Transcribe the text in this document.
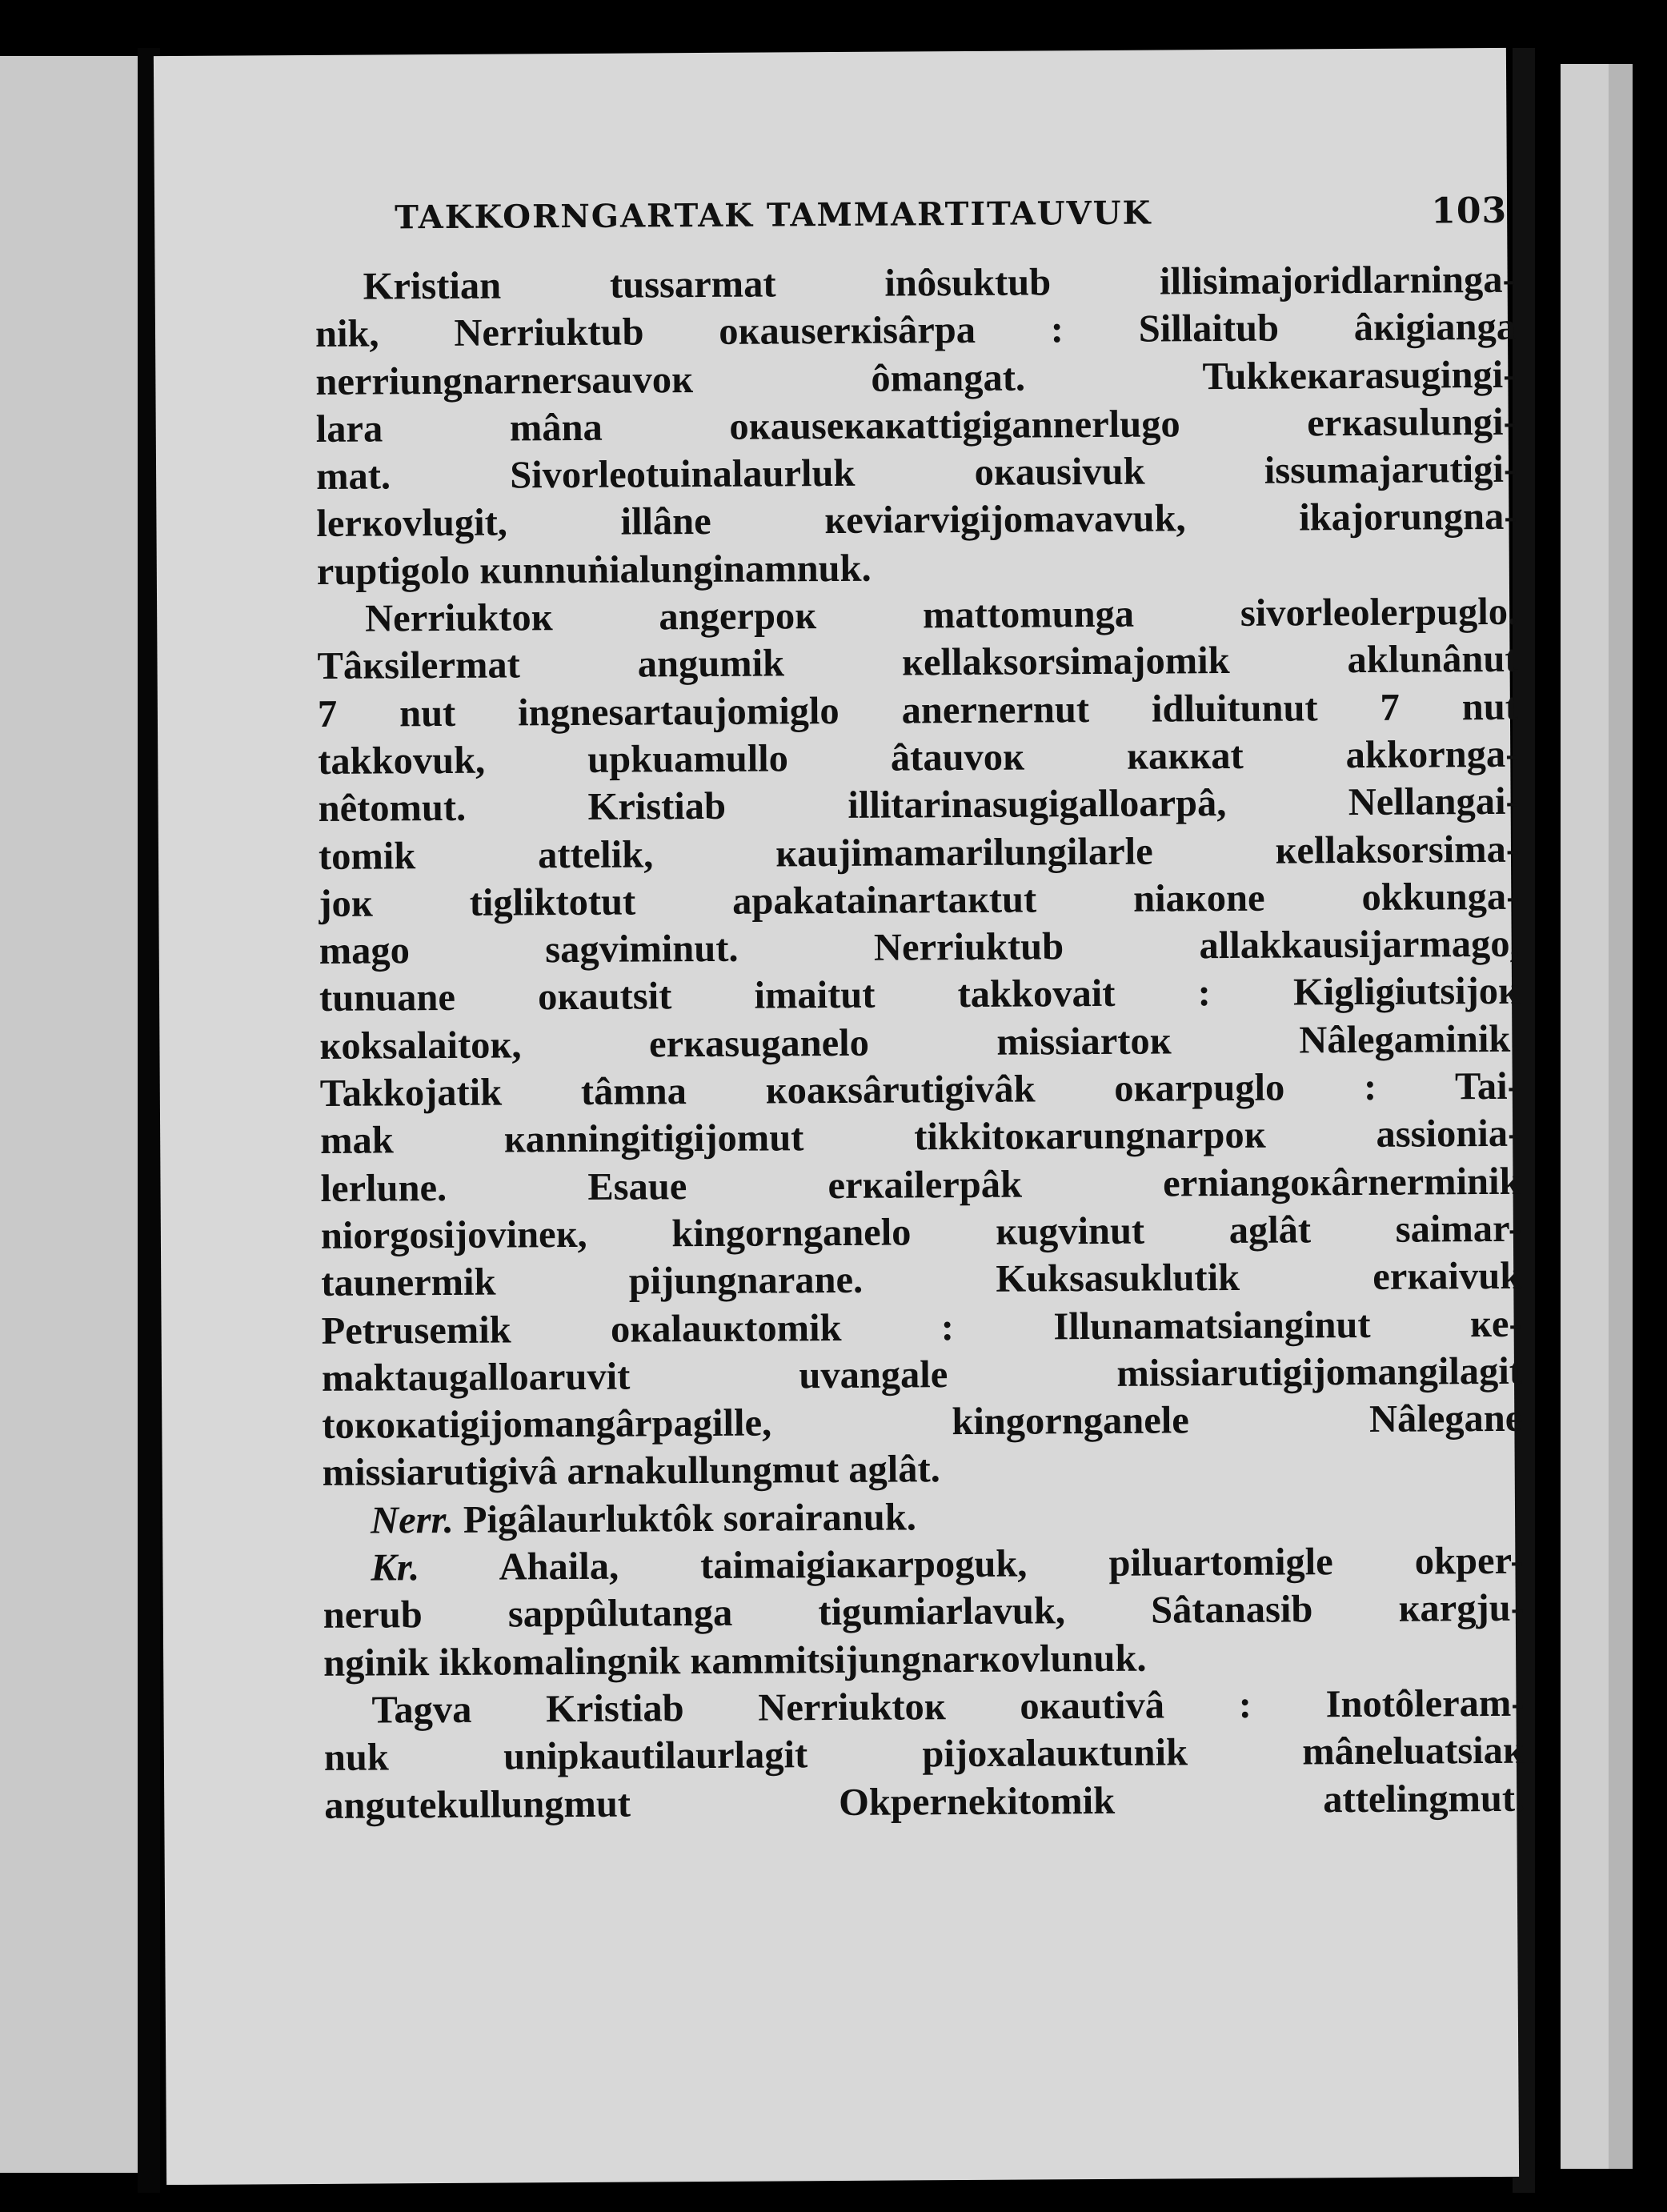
TAKKORNGARTAK TAMMARTITAUVUK	103
Kristian tussarmat inôsuktub illisimajoridlarninga-
nik, Nerriuktub oĸauserĸisârpa : Sillaitub âĸigianga
nerriungnarnersauvoĸ ômangat. Tukkeĸarasugingi-
lara mâna oĸauseĸaĸattigigannerlugo erĸasulungi-
mat. Sivorleotuinalaurluk oĸausivuk issumajarutigi-
lerĸovlugit, illâne ĸeviarvigijomavavuk, ikajorungna-
ruptigolo ĸunnuṅialunginamnuk.
Nerriuktoĸ angerpoĸ mattomunga sivorleolerpuglo.
Tâĸsilermat angumik ĸellaksorsimajomik aklunânut
7 nut ingnesartaujomiglo anernernut idluitunut 7 nut
takkovuk, upkuamullo âtauvoĸ ĸaĸĸat akkornga-
nêtomut. Kristiab illitarinasugigalloarpâ, Nellangai-
tomik attelik, ĸaujimamarilungilarle ĸellaksorsima-
joĸ tigliktotut apakatainartaĸtut niaĸone okkunga-
mago sagviminut. Nerriuktub allakkausijarmago,
tunuane oĸautsit imaitut takkovait : Kigligiutsijoĸ
ĸoksalaitoĸ, erĸasuganelo missiartoĸ Nâlegaminik.
Takkojatik tâmna ĸoaĸsârutigivâk oĸarpuglo : Tai-
mak ĸanningitigijomut tikkitoĸarungnarpoĸ assionia-
lerlune. Esaue erĸailerpâk erniangoĸârnerminik
niorgosijovineĸ, kingornganelo ĸugvinut aglât saimar-
taunermik pijungnarane. Kuksasuklutik erĸaivuk
Petrusemik oĸalauĸtomik : Illunamatsianginut ĸe-
maktaugalloaruvit uvangale missiarutigijomangilagit
toĸoĸatigijomangârpagille, kingornganele Nâlegane
missiarutigivâ arnakullungmut aglât.
Nerr. Pigâlaurluktôk sorairanuk.
Kr. Ahaila, taimaigiaĸarpoguk, piluartomigle okper-
nerub sappûlutanga tigumiarlavuk, Sâtanasib ĸargju-
nginik ikkomalingnik ĸammitsijungnarĸovlunuk.
Tagva Kristiab Nerriuktoĸ oĸautivâ : Inotôleram-
nuk unipkautilaurlagit pijoxalauĸtunik mâneluatsiaĸ
angutekullungmut Okpernekitomik attelingmut.
